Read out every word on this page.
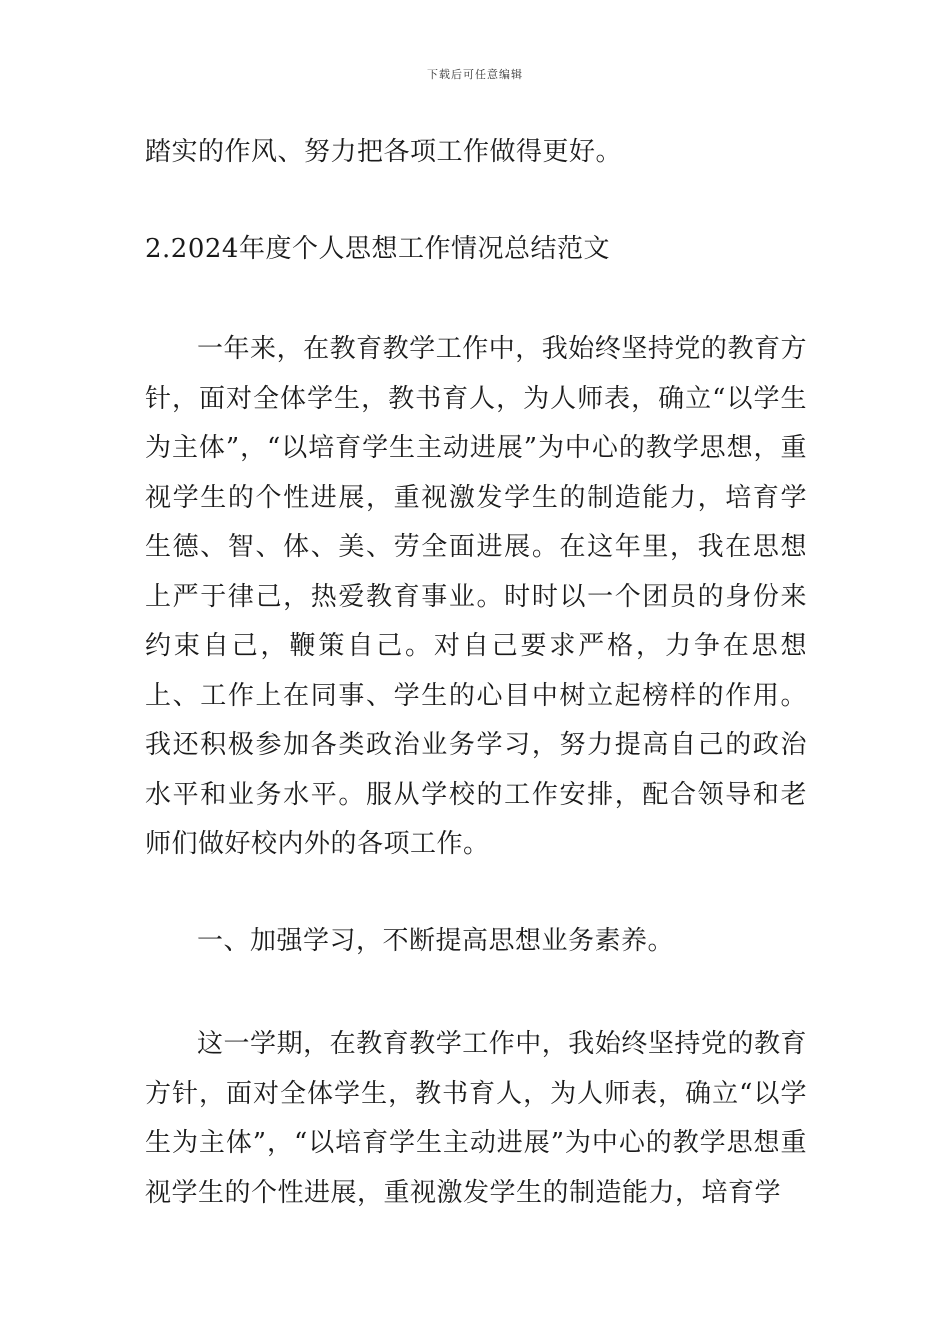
下载后可任意编辑

踏实的作风、努力把各项工作做得更好。

2.2024年度个人思想工作情况总结范文

一年来，在教育教学工作中，我始终坚持党的教育方针，面对全体学生，教书育人，为人师表，确立“以学生为主体”，“以培育学生主动进展”为中心的教学思想，重视学生的个性进展，重视激发学生的制造能力，培育学生德、智、体、美、劳全面进展。在这年里，我在思想上严于律己，热爱教育事业。时时以一个团员的身份来约束自己，鞭策自己。对自己要求严格，力争在思想上、工作上在同事、学生的心目中树立起榜样的作用。我还积极参加各类政治业务学习，努力提高自己的政治水平和业务水平。服从学校的工作安排，配合领导和老师们做好校内外的各项工作。

一、加强学习，不断提高思想业务素养。

这一学期，在教育教学工作中，我始终坚持党的教育方针，面对全体学生，教书育人，为人师表，确立“以学生为主体”，“以培育学生主动进展”为中心的教学思想重视学生的个性进展，重视激发学生的制造能力，培育学
